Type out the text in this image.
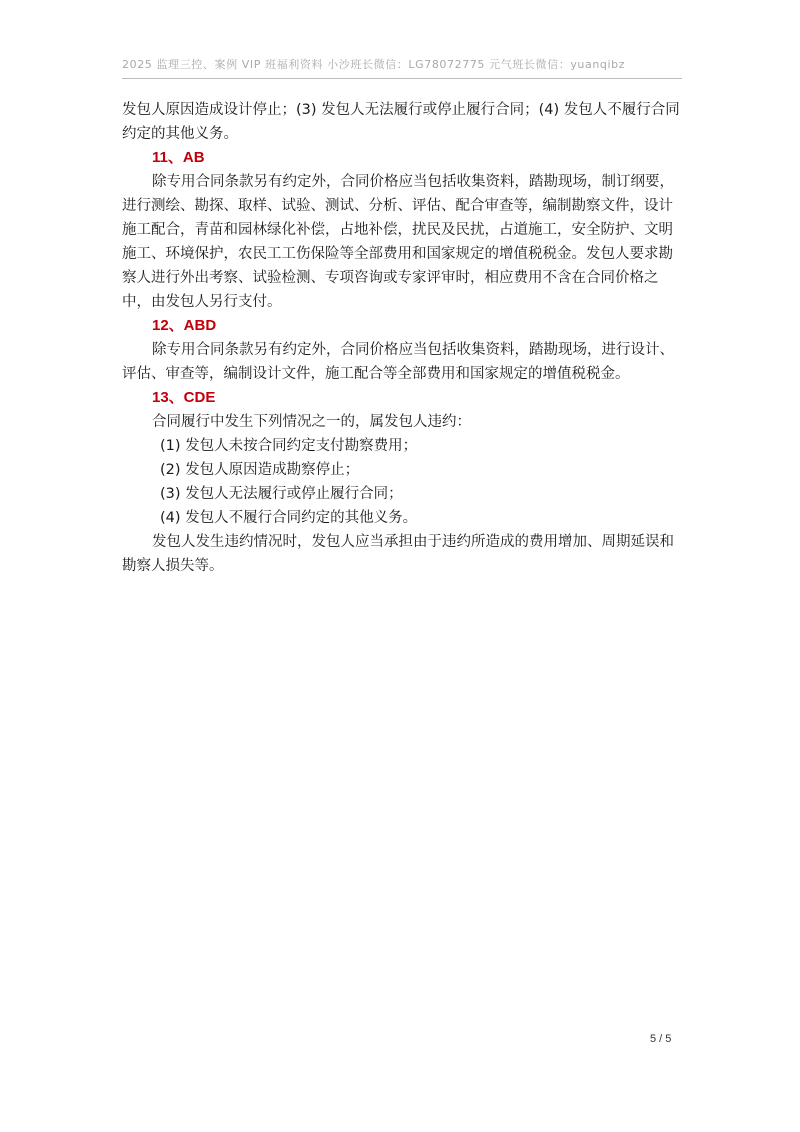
2025 监理三控、案例 VIP 班福利资料 小沙班长微信：LG78072775 元气班长微信：yuanqibz

发包人原因造成设计停止；(3) 发包人无法履行或停止履行合同；(4) 发包人不履行合同约定的其他义务。

11、AB

除专用合同条款另有约定外，合同价格应当包括收集资料，踏勘现场，制订纲要，进行测绘、勘探、取样、试验、测试、分析、评估、配合审查等，编制勘察文件，设计施工配合，青苗和园林绿化补偿，占地补偿，扰民及民扰，占道施工，安全防护、文明施工、环境保护，农民工工伤保险等全部费用和国家规定的增值税税金。发包人要求勘察人进行外出考察、试验检测、专项咨询或专家评审时，相应费用不含在合同价格之中，由发包人另行支付。

12、ABD

除专用合同条款另有约定外，合同价格应当包括收集资料，踏勘现场，进行设计、评估、审查等，编制设计文件，施工配合等全部费用和国家规定的增值税税金。

13、CDE

合同履行中发生下列情况之一的，属发包人违约：

(1) 发包人未按合同约定支付勘察费用；

(2) 发包人原因造成勘察停止；

(3) 发包人无法履行或停止履行合同；

(4) 发包人不履行合同约定的其他义务。

发包人发生违约情况时，发包人应当承担由于违约所造成的费用增加、周期延误和勘察人损失等。

5 / 5
